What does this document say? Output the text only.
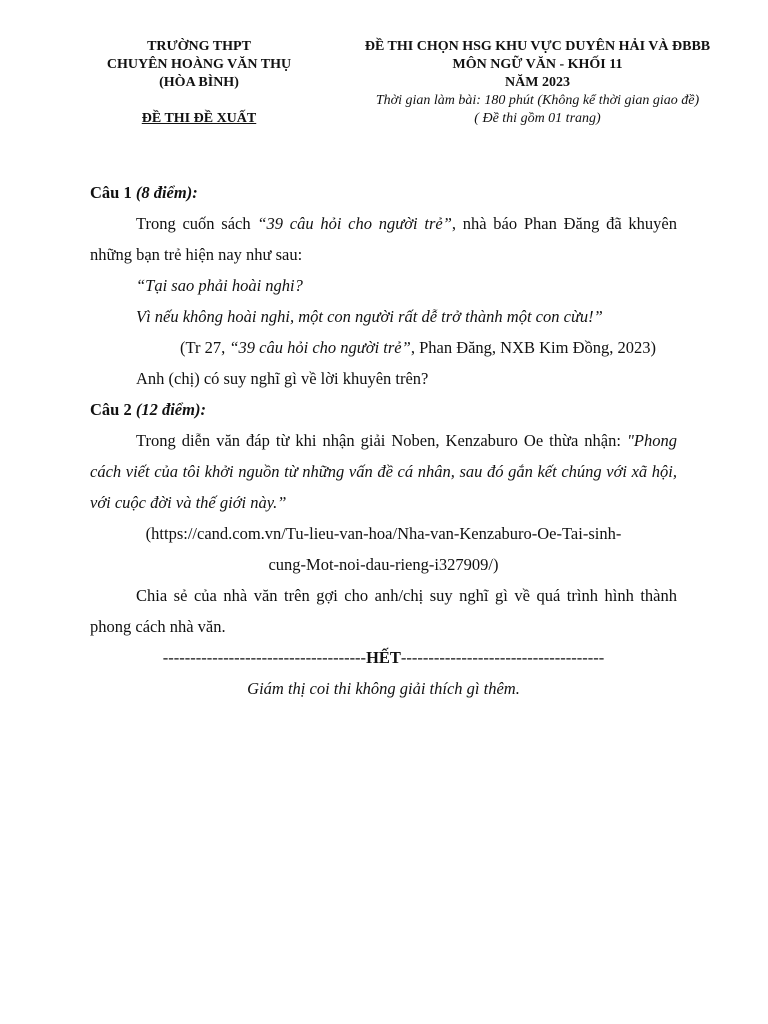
TRƯỜNG THPT
CHUYÊN HOÀNG VĂN THỤ
(HÒA BÌNH)
ĐỀ THI ĐỀ XUẤT
ĐỀ THI CHỌN HSG KHU VỰC DUYÊN HẢI VÀ ĐBBB
MÔN NGỮ VĂN - KHỐI 11
NĂM 2023
Thời gian làm bài: 180 phút (Không kể thời gian giao đề)
( Đề thi gồm 01 trang)

Câu 1 (8 điểm):

Trong cuốn sách “39 câu hỏi cho người trẻ”, nhà báo Phan Đăng đã khuyên những bạn trẻ hiện nay như sau:

“Tại sao phải hoài nghi?

Vì nếu không hoài nghi, một con người rất dễ trở thành một con cừu!”

(Tr 27, “39 câu hỏi cho người trẻ”, Phan Đăng, NXB Kim Đồng, 2023)

Anh (chị) có suy nghĩ gì về lời khuyên trên?

Câu 2 (12 điểm):

Trong diễn văn đáp từ khi nhận giải Noben, Kenzaburo Oe thừa nhận: "Phong cách viết của tôi khởi nguồn từ những vấn đề cá nhân, sau đó gắn kết chúng với xã hội, với cuộc đời và thế giới này.”

(https://cand.com.vn/Tu-lieu-van-hoa/Nha-van-Kenzaburo-Oe-Tai-sinh-

cung-Mot-noi-dau-rieng-i327909/)

Chia sẻ của nhà văn trên gợi cho anh/chị suy nghĩ gì về quá trình hình thành phong cách nhà văn.

-------------------------------------HẾT-------------------------------------

Giám thị coi thi không giải thích gì thêm.
